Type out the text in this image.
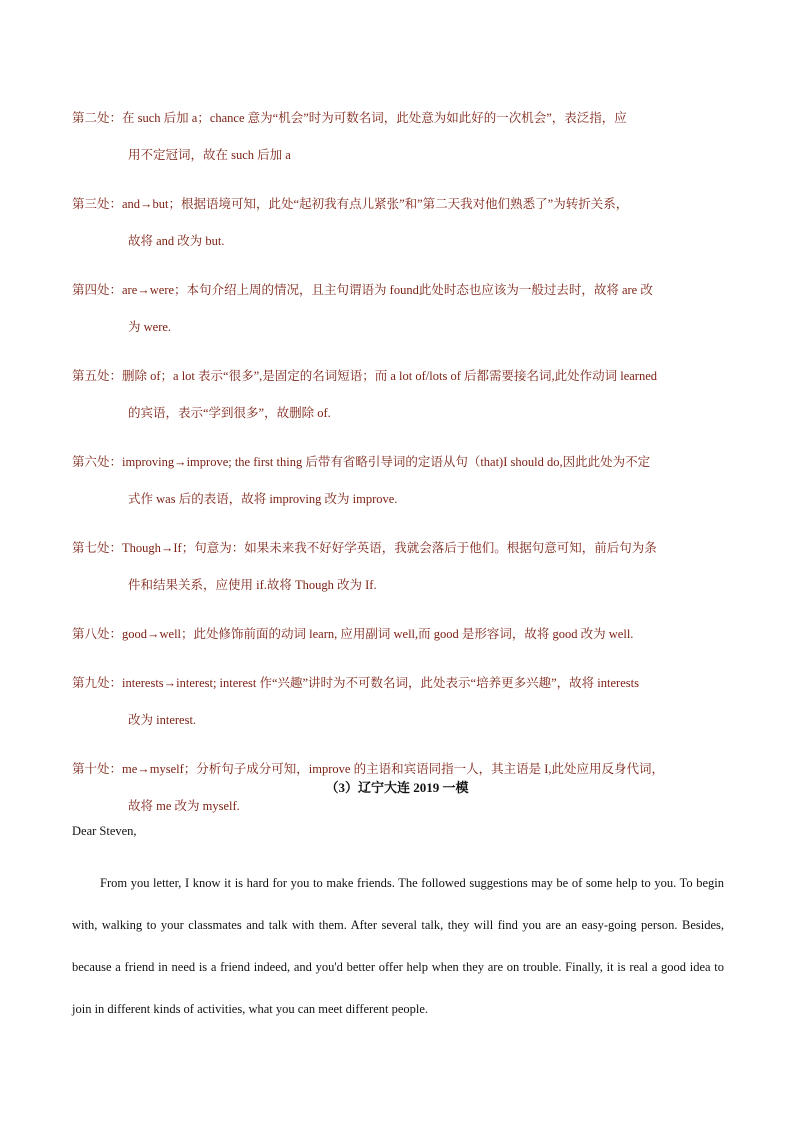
第二处：在 such 后加 a；chance 意为“机会”时为可数名词，此处意为如此好的一次机会”，表泛指，应
用不定冠词，故在 such 后加 a
第三处：and→but；根据语境可知，此处“起初我有点儿紧张”和”第二天我对他们熟悉了”为转折关系，
故将 and 改为 but.
第四处：are→were；本句介绍上周的情况，且主句谓语为 found此处时态也应该为一般过去时，故将 are 改
为 were.
第五处：删除 of；a lot 表示“很多”,是固定的名词短语；而 a lot of/lots of 后都需要接名词,此处作动词 learned
的宾语，表示“学到很多”，故删除 of.
第六处：improving→improve; the first thing 后带有省略引导词的定语从句（that)I should do,因此此处为不定
式作 was 后的表语，故将 improving 改为 improve.
第七处：Though→If；句意为：如果未来我不好好学英语，我就会落后于他们。根据句意可知，前后句为条
件和结果关系，应使用 if.故将 Though 改为 If.
第八处：good→well；此处修饰前面的动词 learn, 应用副词 well,而 good 是形容词，故将 good 改为 well.
第九处：interests→interest; interest 作“兴趣”讲时为不可数名词，此处表示“培养更多兴趣”，故将 interests
改为 interest.
第十处：me→myself；分析句子成分可知，improve 的主语和宾语同指一人，其主语是 I,此处应用反身代词，
故将 me 改为 myself.
（3）辽宁大连 2019 一模

Dear Steven,

From you letter, I know it is hard for you to make friends. The followed suggestions may be of some help to you. To begin with, walking to your classmates and talk with them. After several talk, they will find you are an easy-going person. Besides, because a friend in need is a friend indeed, and you'd better offer help when they are on trouble. Finally, it is real a good idea to join in different kinds of activities, what you can meet different people.
